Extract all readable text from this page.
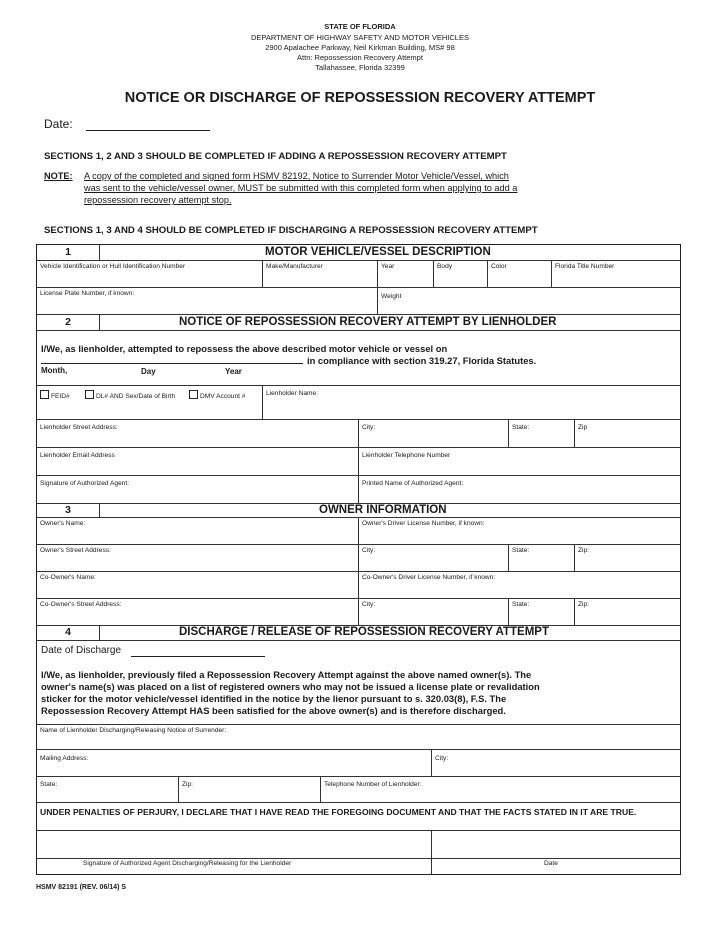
STATE OF FLORIDA
DEPARTMENT OF HIGHWAY SAFETY AND MOTOR VEHICLES
2900 Apalachee Parkway, Neil Kirkman Building, MS# 98
Attn: Repossession Recovery Attempt
Tallahassee, Florida 32399
NOTICE OR DISCHARGE OF REPOSSESSION RECOVERY ATTEMPT
Date:
SECTIONS 1, 2 AND 3 SHOULD BE COMPLETED IF ADDING A REPOSSESSION RECOVERY ATTEMPT
NOTE: A copy of the completed and signed form HSMV 82192, Notice to Surrender Motor Vehicle/Vessel, which
was sent to the vehicle/vessel owner, MUST be submitted with this completed form when applying to add a
repossession recovery attempt stop.
SECTIONS 1, 3 AND 4 SHOULD BE COMPLETED IF DISCHARGING A REPOSSESSION RECOVERY ATTEMPT
1	MOTOR VEHICLE/VESSEL DESCRIPTION
Vehicle Identification or Hull Identification Number	Make/Manufacturer	Year	Body	Color	Florida Title Number
License Plate Number, if known:	Weight
2	NOTICE OF REPOSSESSION RECOVERY ATTEMPT BY LIENHOLDER
I/We, as lienholder, attempted to repossess the above described motor vehicle or vessel on
in compliance with section 319.27, Florida Statutes.
Month,	Day	Year
FEID#	DL# AND Sex/Date of Birth	DMV Account #	Lienholder Name:
Lienholder Street Address:	City:	State:	Zip
Lienholder Email Address	Lienholder Telephone Number
Signature of Authorized Agent:	Printed Name of Authorized Agent:
3	OWNER INFORMATION
Owner's Name:	Owner's Driver License Number, if known:
Owner's Street Address:	City:	State:	Zip:
Co-Owner's Name:	Co-Owner's Driver License Number, if known:
Co-Owner's Street Address:	City:	State:	Zip:
4	DISCHARGE / RELEASE OF REPOSSESSION RECOVERY ATTEMPT
Date of Discharge
I/We, as lienholder, previously filed a Repossession Recovery Attempt against the above named owner(s). The
owner's name(s) was placed on a list of registered owners who may not be issued a license plate or revalidation
sticker for the motor vehicle/vessel identified in the notice by the lienor pursuant to s. 320.03(8), F.S. The
Repossession Recovery Attempt HAS been satisfied for the above owner(s) and is therefore discharged.
Name of Lienholder Discharging/Releasing Notice of Surrender:
Mailing Address:	City:
State:	Zip:	Telephone Number of Lienholder:
UNDER PENALTIES OF PERJURY, I DECLARE THAT I HAVE READ THE FOREGOING DOCUMENT AND THAT THE FACTS STATED IN IT ARE TRUE.
Signature of Authorized Agent Discharging/Releasing for the Lienholder	Date
HSMV 82191 (REV. 06/14) S
